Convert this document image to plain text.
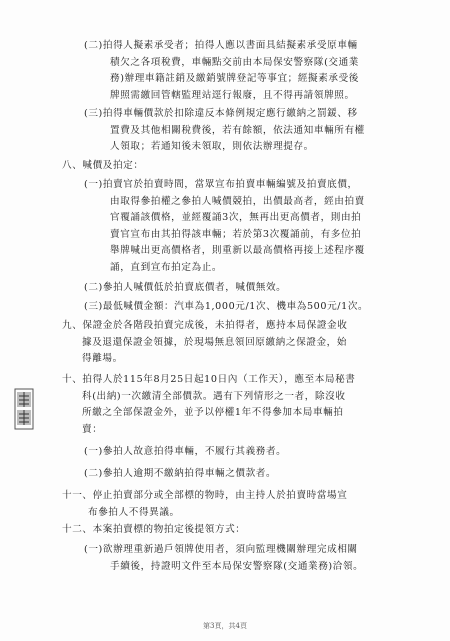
(二)拍得人擬素承受者；拍得人應以書面具結擬素承受原車輛
積欠之各項稅費，車輛點交前由本局保安警察隊(交通業
務)辦理車籍註銷及繳銷號牌登記等事宜；經擬素承受後
牌照需繳回管轄監理站逕行報廢，且不得再請領牌照。
(三)拍得車輛價款於扣除違反本條例規定應行繳納之罰鍰、移
置費及其他相關稅費後，若有餘額，依法通知車輛所有權
人領取；若通知後未領取，則依法辦理提存。
八、喊價及拍定：
(一)拍賣官於拍賣時間，當眾宣布拍賣車輛編號及拍賣底價，
由取得參拍權之參拍人喊價競拍，出價最高者，經由拍賣
官覆誦該價格，並經覆誦3次，無再出更高價者，則由拍
賣官宣布由其拍得該車輛；若於第3次覆誦前，有多位拍
舉牌喊出更高價格者，則重新以最高價格再接上述程序覆
誦，直到宣布拍定為止。
(二)參拍人喊價低於拍賣底價者，喊價無效。
(三)最低喊價金額：汽車為1,000元/1次、機車為500元/1次。
九、保證金於各階段拍賣完成後，未拍得者，應持本局保證金收
據及退還保證金領據，於現場無息領回原繳納之保證金，始
得離場。
十、拍得人於115年8月25日起10日內（工作天），應至本局秘書
科(出納)一次繳清全部價款。遇有下列情形之一者，除沒收
所繳之全部保證金外，並予以停權1年不得參加本局車輛拍
賣：
(一)參拍人故意拍得車輛，不履行其義務者。
(二)參拍人逾期不繳納拍得車輛之價款者。
十一、停止拍賣部分或全部標的物時，由主持人於拍賣時當場宣
布參拍人不得異議。
十二、本案拍賣標的物拍定後提領方式：
(一)欲辦理重新過戶領牌使用者，須向監理機關辦理完成相關
手續後，持證明文件至本局保安警察隊(交通業務)洽領。
第3頁，共4頁
